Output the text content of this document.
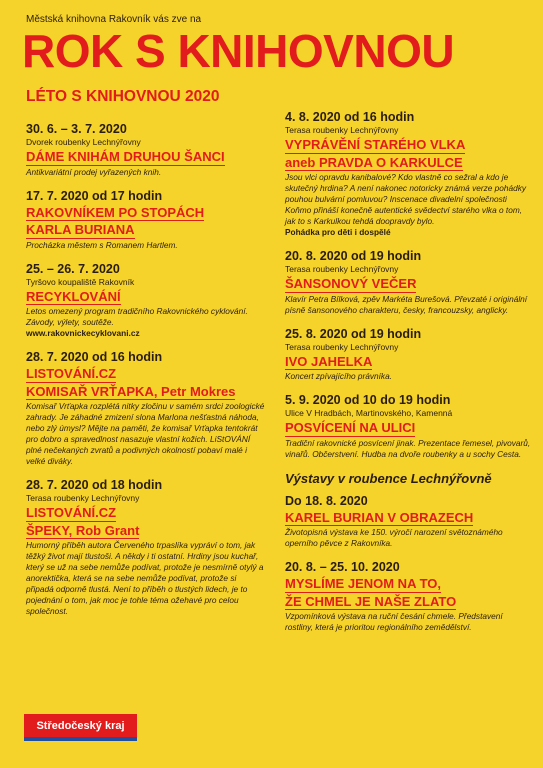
Městská knihovna Rakovník vás zve na
ROK S KNIHOVNOU
LÉTO S KNIHOVNOU 2020
30. 6. – 3. 7. 2020
Dvorek roubenky Lechnýřovny
DÁME KNIHÁM DRUHOU ŠANCI
Antikvariátní prodej vyřazených knih.
17. 7. 2020 od 17 hodin
RAKOVNÍKEM PO STOPÁCH
KARLA BURIANA
Procházka městem s Romanem Hartlem.
25. – 26. 7. 2020
Tyršovo koupaliště Rakovník
RECYKLOVÁNÍ
Letos omezený program tradičního Rakovnického cyklování. Závody, výlety, soutěže.
www.rakovnickecyklovani.cz
28. 7. 2020 od 16 hodin
LISTOVÁNÍ.CZ
KOMISAŘ VRŤAPKA, Petr Mokres
Komisař Vrťapka rozplétá nitky zločinu v samém srdci zoologické zahrady. Je záhadné zmizení slona Marlona nešťastná náhoda, nebo zlý úmysl? Mějte na paměti, že komisař Vrťapka tentokrát pro dobro a spravedlnost nasazuje vlastní kožich. LiStOVÁNÍ plné nečekaných zvratů a podivných okolností pobaví malé i velké diváky.
28. 7. 2020 od 18 hodin
Terasa roubenky Lechnýřovny
LISTOVÁNÍ.CZ
ŠPEKY, Rob Grant
Humorný příběh autora Červeného trpaslíka vypráví o tom, jak těžký život mají tlustoši. A někdy i ti ostatní. Hrdiny jsou kuchař, který se už na sebe nemůže podívat, protože je nesmírně otylý a anorektička, která se na sebe nemůže podívat, protože si připadá odporně tlustá. Není to příběh o tlustých lidech, je to pojednání o tom, jak moc je tohle téma ožehavé pro celou společnost.
4. 8. 2020 od 16 hodin
Terasa roubenky Lechnýřovny
VYPRÁVĚNÍ STARÉHO VLKA
aneb PRAVDA O KARKULCE
Jsou vlci opravdu kanibalové? Kdo vlastně co sežral a kdo je skutečný hrdina? A není nakonec notoricky známá verze pohádky pouhou bulvární pomluvou? Inscenace divadelní společnosti Koňmo přináší konečně autentické svědectví starého vlka o tom, jak to s Karkulkou tehdá doopravdy bylo.
Pohádka pro děti i dospělé
20. 8. 2020 od 19 hodin
Terasa roubenky Lechnýřovny
ŠANSONOVÝ VEČER
Klavír Petra Bílková, zpěv Markéta Burešová. Převzaté i originální písně šansonového charakteru, česky, francouzsky, anglicky.
25. 8. 2020 od 19 hodin
Terasa roubenky Lechnýřovny
IVO JAHELKA
Koncert zpívajícího právníka.
5. 9. 2020 od 10 do 19 hodin
Ulice V Hradbách, Martinovského, Kamenná
POSVÍCENÍ NA ULICI
Tradiční rakovnické posvícení jinak. Prezentace řemesel, pivovarů, vinařů. Občerstvení. Hudba na dvoře roubenky a u sochy Cesta.
Výstavy v roubence Lechnýřovně
Do 18. 8. 2020
KAREL BURIAN V OBRAZECH
Životopisná výstava ke 150. výročí narození světoznámého operního pěvce z Rakovníka.
20. 8. – 25. 10. 2020
MYSLÍME JENOM NA TO,
ŽE CHMEL JE NAŠE ZLATO
Vzpomínková výstava na ruční česání chmele. Představení rostliny, která je prioritou regionálního zemědělství.
Středočeský kraj
